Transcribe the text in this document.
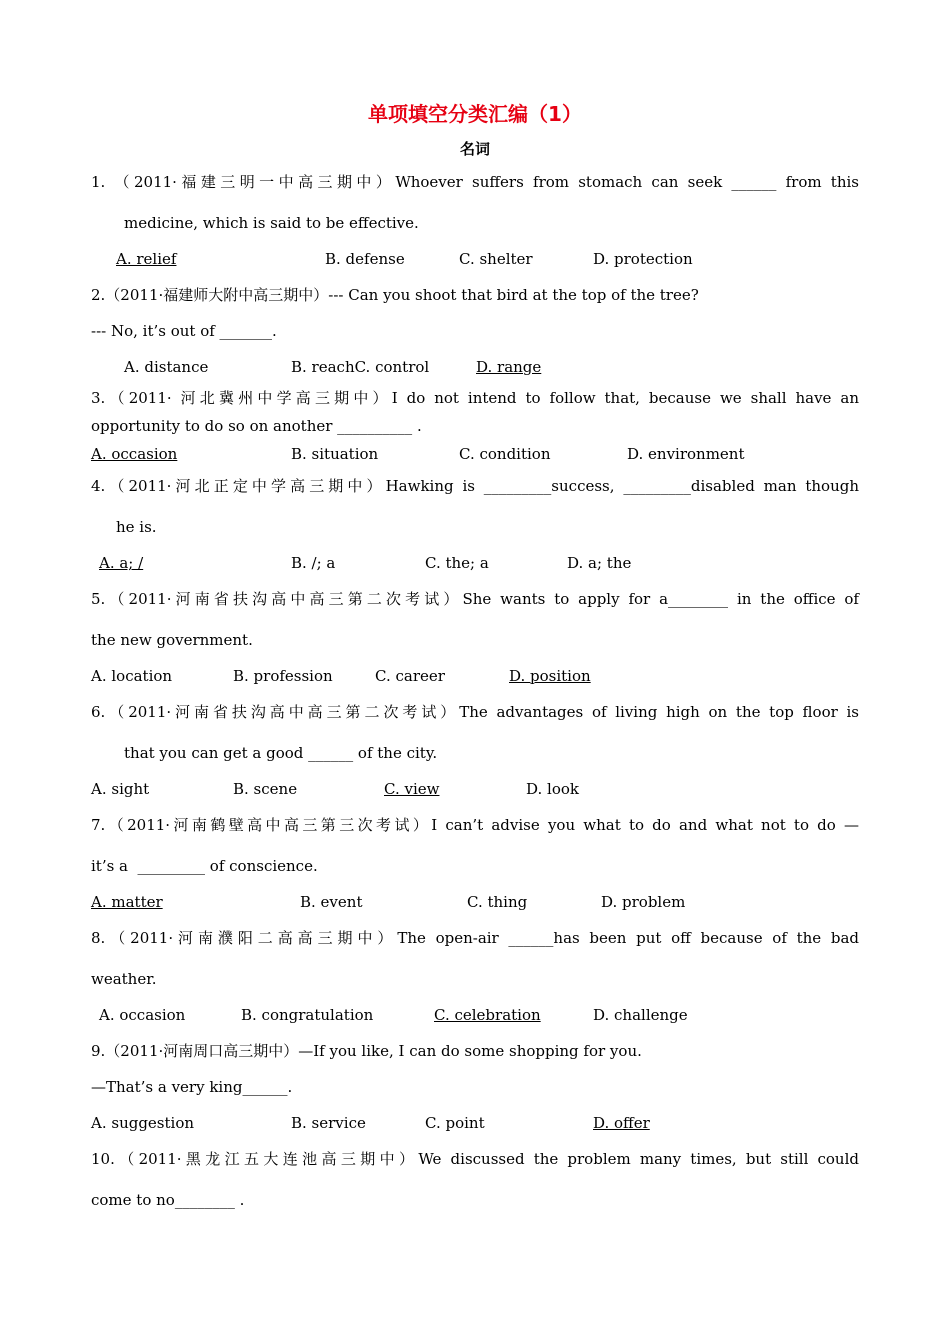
单项填空分类汇编（1）
名词
1. （2011·福建三明一中高三期中）Whoever suffers from stomach can seek ______ from this
medicine, which is said to be effective.
A. relief	B. defense	C. shelter	D. protection
2.（2011·福建师大附中高三期中）--- Can you shoot that bird at the top of the tree?
--- No, it’s out of _______.
A. distance	B. reachC. control	D. range
3.（2011· 河北冀州中学高三期中）I do not intend to follow that, because we shall have an
opportunity to do so on another __________ .
A. occasion	B. situation	C. condition	D. environment
4.（2011·河北正定中学高三期中）Hawking is _________success, _________disabled man though
he is.
A. a; /	B. /; a	C. the; a	D. a; the
5.（2011·河南省扶沟高中高三第二次考试）She wants to apply for a________ in the office of
the new government.
A. location	B. profession	C. career	D. position
6.（2011·河南省扶沟高中高三第二次考试）The advantages of living high on the top floor is
that you can get a good ______ of the city.
A. sight	B. scene	C. view	D. look
7.（2011·河南鹤壁高中高三第三次考试）I can’t advise you what to do and what not to do —
it’s a  _________ of conscience.
A. matter	B. event	C. thing	D. problem
8.（2011·河南濮阳二高高三期中）The open-air ______has been put off because of the bad
weather.
A. occasion	B. congratulation	C. celebration	D. challenge
9.（2011·河南周口高三期中）—If you like, I can do some shopping for you.
—That’s a very king______.
A. suggestion	B. service	C. point	D. offer
10.（2011·黑龙江五大连池高三期中）We discussed the problem many times, but still could
come to no________ .
